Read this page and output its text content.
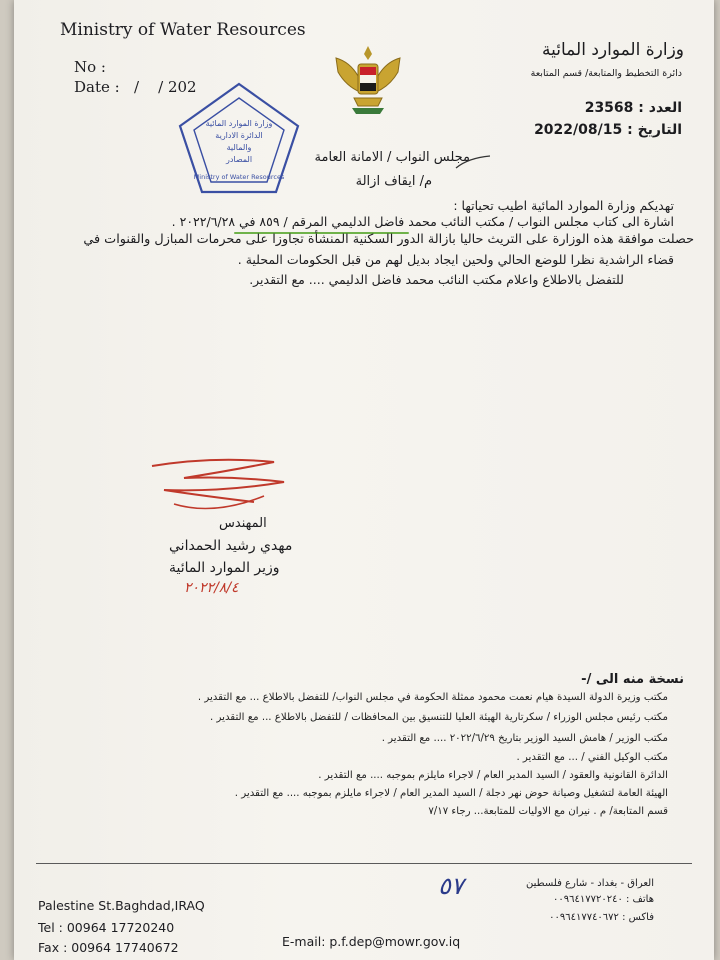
Ministry of Water Resources
No :
Date :   /    / 202
وزارة الموارد المائية
دائرة التخطيط والمتابعة/ قسم المتابعة
العدد : 23568
التاريخ : 2022/08/15
وزارة الموارد المائية
الدائرة الادارية
والمالية
المصادر
Ministry of Water Resources
مجلس النواب / الامانة العامة
م/ ايقاف ازالة
تهديكم وزارة الموارد المائية اطيب تحياتها :
اشارة الى كتاب مجلس النواب / مكتب النائب محمد فاضل الدليمي المرقم / ٨٥٩ في ٢٠٢٢/٦/٢٨ .
حصلت موافقة هذه الوزارة على التريث حاليا بازالة الدور السكنية المنشأة تجاوزا على محرمات المبازل والقنوات في
قضاء الراشدية نظرا للوضع الحالي ولحين ايجاد بديل لهم من قبل الحكومات المحلية .
للتفضل بالاطلاع واعلام مكتب النائب محمد فاضل الدليمي .... مع التقدير.
المهندس
مهدي رشيد الحمداني
وزير الموارد المائية
٢٠٢٢/٨/٤
نسخة منه الى /-
مكتب وزيرة الدولة السيدة هيام نعمت محمود ممثلة الحكومة في مجلس النواب/ للتفضل بالاطلاع ... مع التقدير .
مكتب رئيس مجلس الوزراء / سكرتارية الهيئة العليا للتنسيق بين المحافظات / للتفضل بالاطلاع ... مع التقدير .
مكتب الوزير / هامش السيد الوزير بتاريخ ٢٠٢٢/٦/٢٩ .... مع التقدير .
مكتب الوكيل الفني / ... مع التقدير .
الدائرة القانونية والعقود / السيد المدير العام / لاجراء مايلزم بموجبه .... مع التقدير .
الهيئة العامة لتشغيل وصيانة حوض نهر دجلة / السيد المدير العام / لاجراء مايلزم بموجبه .... مع التقدير .
قسم المتابعة/ م . نيران مع الاوليات للمتابعة... رجاء ٧/١٧
Palestine St.Baghdad,IRAQ
Tel : 00964 17720240
Fax : 00964 17740672	E-mail: p.f.dep@mowr.gov.iq
٥٧	العراق - بغداد - شارع فلسطين
هاتف : ٠٠٩٦٤١٧٧٢٠٢٤٠
فاكس : ٠٠٩٦٤١٧٧٤٠٦٧٢
